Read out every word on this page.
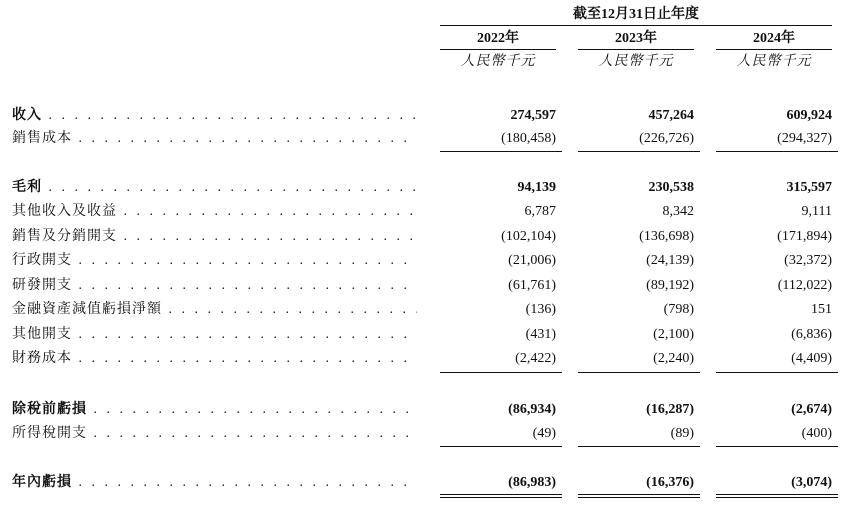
截至12月31日止年度
2022年	2023年	2024年
人民幣千元	人民幣千元	人民幣千元
收入 . . .	274,597	457,264	609,924
銷售成本 . . .	(180,458)	(226,726)	(294,327)
毛利 . . .	94,139	230,538	315,597
其他收入及收益 . . .	6,787	8,342	9,111
銷售及分銷開支 . . .	(102,104)	(136,698)	(171,894)
行政開支 . . .	(21,006)	(24,139)	(32,372)
研發開支 . . .	(61,761)	(89,192)	(112,022)
金融資產減值虧損淨額 . . .	(136)	(798)	151
其他開支 . . .	(431)	(2,100)	(6,836)
財務成本 . . .	(2,422)	(2,240)	(4,409)
除稅前虧損 . . .	(86,934)	(16,287)	(2,674)
所得稅開支 . . .	(49)	(89)	(400)
年內虧損 . . .	(86,983)	(16,376)	(3,074)
